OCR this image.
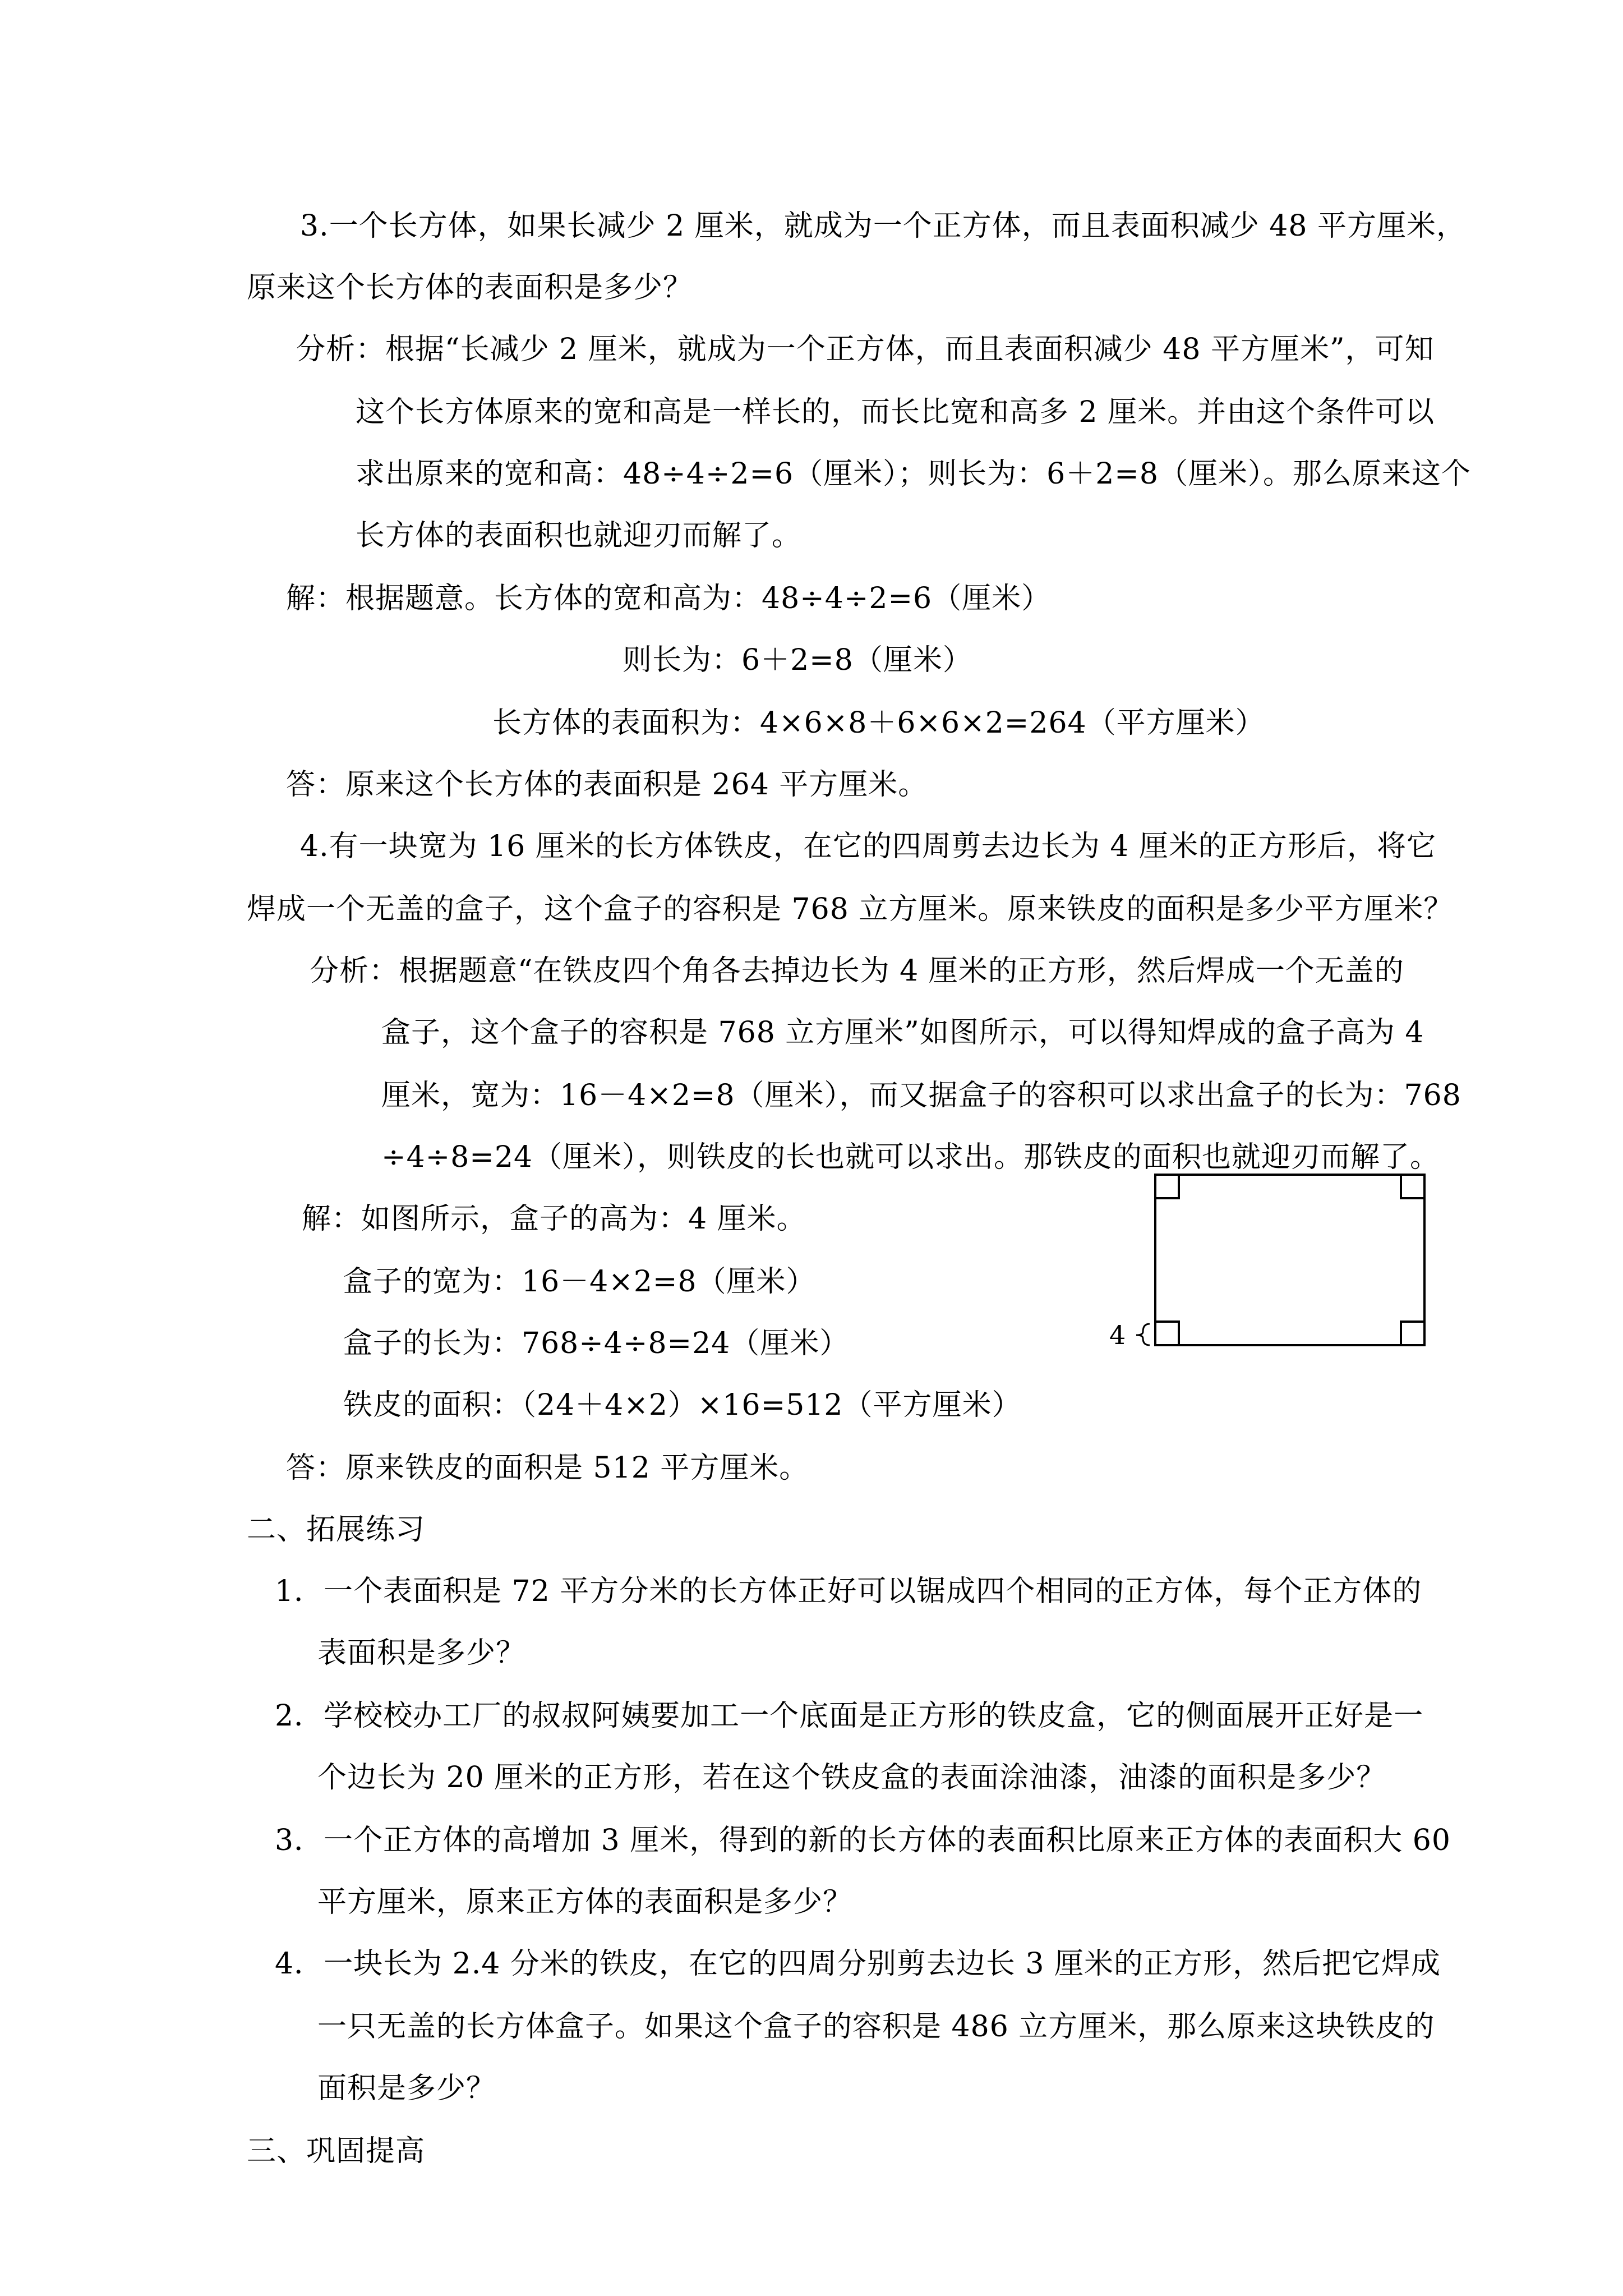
3.一个长方体，如果长减少 2 厘米，就成为一个正方体，而且表面积减少 48 平方厘米，
原来这个长方体的表面积是多少？
分析：根据“长减少 2 厘米，就成为一个正方体，而且表面积减少 48 平方厘米”，可知
这个长方体原来的宽和高是一样长的，而长比宽和高多 2 厘米。并由这个条件可以
求出原来的宽和高：48÷4÷2=6（厘米）；则长为：6＋2=8（厘米）。那么原来这个
长方体的表面积也就迎刃而解了。
解：根据题意。长方体的宽和高为：48÷4÷2=6（厘米）
则长为：6＋2=8（厘米）
长方体的表面积为：4×6×8＋6×6×2=264（平方厘米）
答：原来这个长方体的表面积是 264 平方厘米。
4.有一块宽为 16 厘米的长方体铁皮，在它的四周剪去边长为 4 厘米的正方形后，将它
焊成一个无盖的盒子，这个盒子的容积是 768 立方厘米。原来铁皮的面积是多少平方厘米？
分析：根据题意“在铁皮四个角各去掉边长为 4 厘米的正方形，然后焊成一个无盖的
盒子，这个盒子的容积是 768 立方厘米”如图所示，可以得知焊成的盒子高为 4
厘米，宽为：16－4×2=8（厘米），而又据盒子的容积可以求出盒子的长为：768
÷4÷8=24（厘米），则铁皮的长也就可以求出。那铁皮的面积也就迎刃而解了。
解：如图所示，盒子的高为：4 厘米。
盒子的宽为：16－4×2=8（厘米）
盒子的长为：768÷4÷8=24（厘米）
铁皮的面积：（24＋4×2）×16=512（平方厘米）
答：原来铁皮的面积是 512 平方厘米。
4
二、拓展练习
1．一个表面积是 72 平方分米的长方体正好可以锯成四个相同的正方体，每个正方体的
表面积是多少？
2．学校校办工厂的叔叔阿姨要加工一个底面是正方形的铁皮盒，它的侧面展开正好是一
个边长为 20 厘米的正方形，若在这个铁皮盒的表面涂油漆，油漆的面积是多少？
3．一个正方体的高增加 3 厘米，得到的新的长方体的表面积比原来正方体的表面积大 60
平方厘米，原来正方体的表面积是多少？
4．一块长为 2.4 分米的铁皮，在它的四周分别剪去边长 3 厘米的正方形，然后把它焊成
一只无盖的长方体盒子。如果这个盒子的容积是 486 立方厘米，那么原来这块铁皮的
面积是多少？
三、巩固提高
